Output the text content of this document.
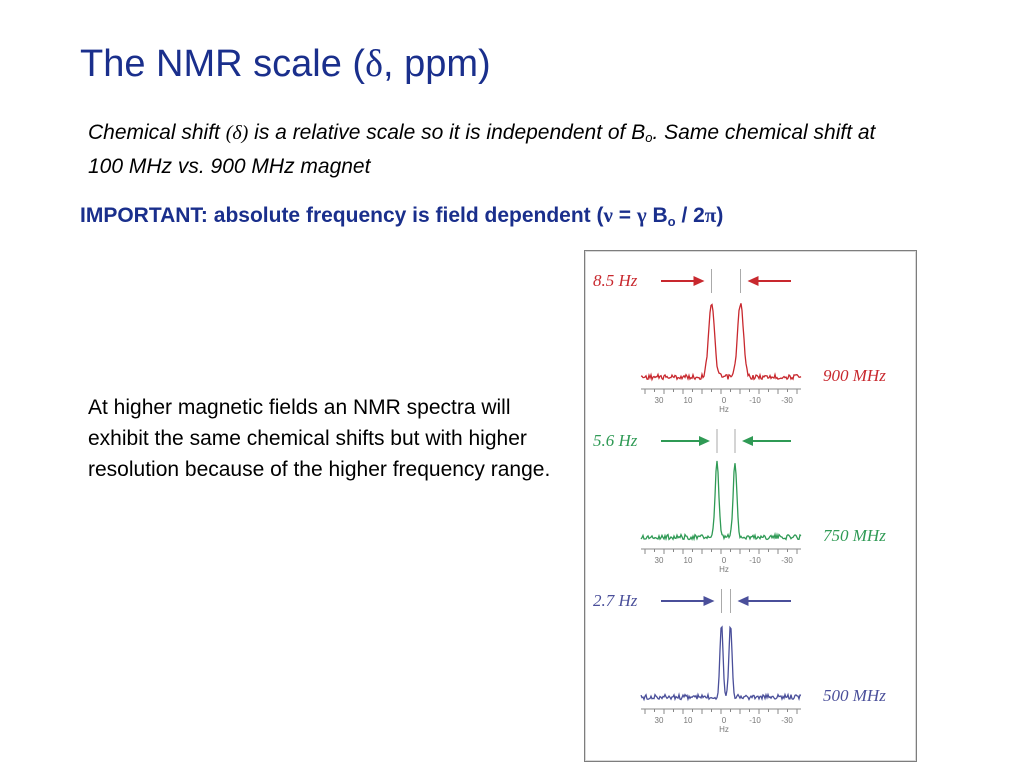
The NMR scale (δ, ppm)
Chemical shift (δ) is a relative scale so it is independent of $B_o$. Same chemical shift at 100 MHz vs. 900 MHz magnet
IMPORTANT: absolute frequency is field dependent (ν = γ $B_o / 2\pi$)
At higher magnetic fields an NMR spectra will exhibit the same chemical shifts but with higher resolution because of the higher frequency range.
8.5 Hz
900 MHz
30	10	0	-10	-30
Hz
5.6 Hz
750 MHz
30	10	0	-10	-30
Hz
2.7 Hz
500 MHz
30	10	0	-10	-30
Hz
